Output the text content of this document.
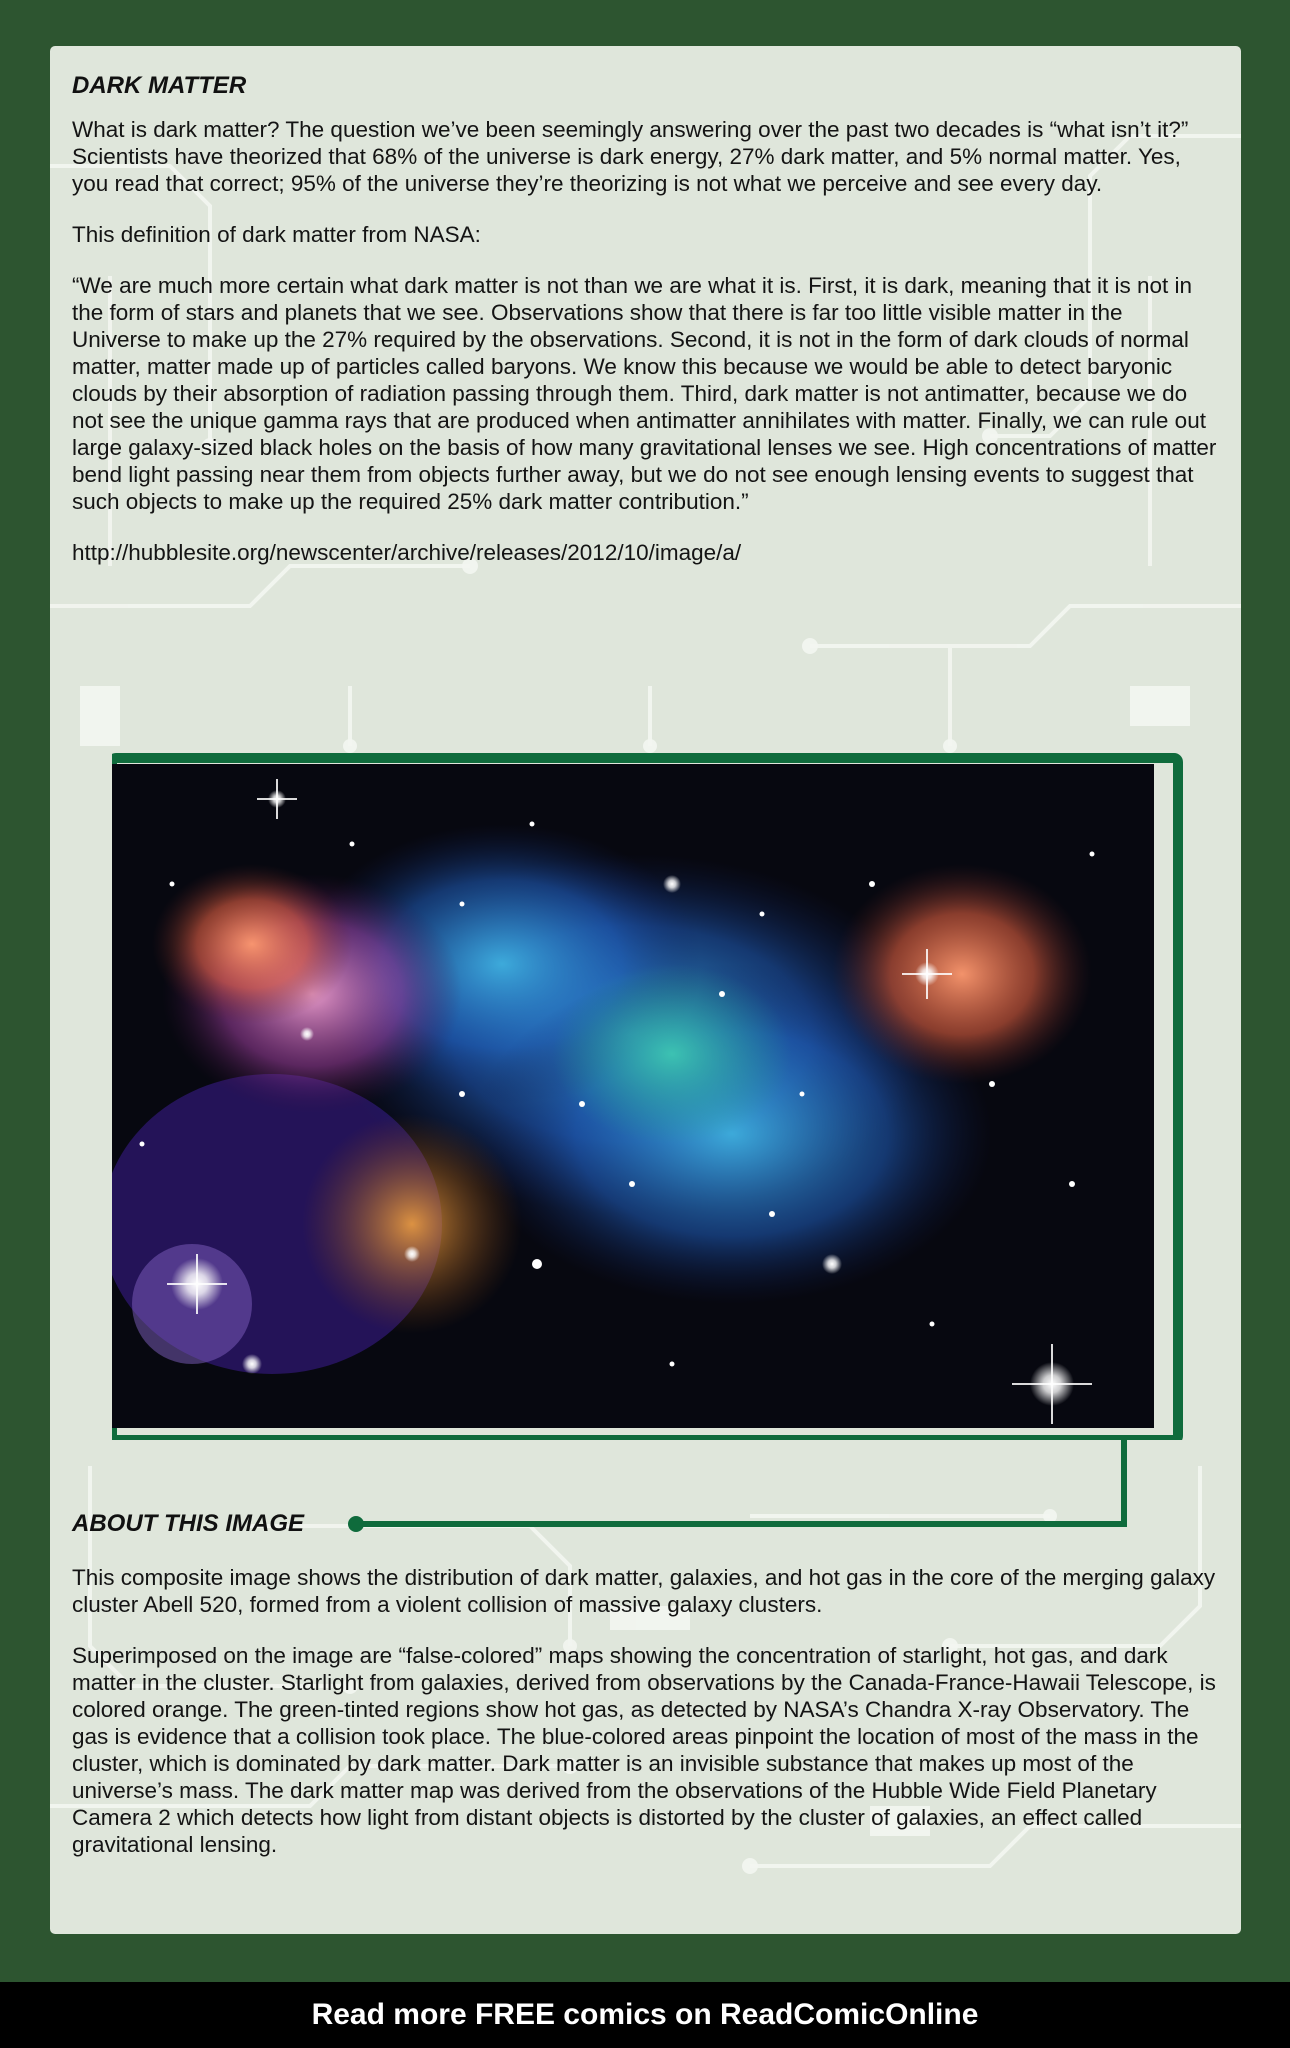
DARK MATTER

What is dark matter? The question we’ve been seemingly answering over the past two decades is “what isn’t it?” Scientists have theorized that 68% of the universe is dark energy, 27% dark matter, and 5% normal matter. Yes, you read that correct; 95% of the universe they’re theorizing is not what we perceive and see every day.

This definition of dark matter from NASA:

“We are much more certain what dark matter is not than we are what it is. First, it is dark, meaning that it is not in the form of stars and planets that we see. Observations show that there is far too little visible matter in the Universe to make up the 27% required by the observations. Second, it is not in the form of dark clouds of normal matter, matter made up of particles called baryons. We know this because we would be able to detect baryonic clouds by their absorption of radiation passing through them. Third, dark matter is not antimatter, because we do not see the unique gamma rays that are produced when antimatter annihilates with matter. Finally, we can rule out large galaxy-sized black holes on the basis of how many gravitational lenses we see. High concentrations of matter bend light passing near them from objects further away, but we do not see enough lensing events to suggest that such objects to make up the required 25% dark matter contribution.”

http://hubblesite.org/newscenter/archive/releases/2012/10/image/a/

ABOUT THIS IMAGE

This composite image shows the distribution of dark matter, galaxies, and hot gas in the core of the merging galaxy cluster Abell 520, formed from a violent collision of massive galaxy clusters.

Superimposed on the image are “false-colored” maps showing the concentration of starlight, hot gas, and dark matter in the cluster. Starlight from galaxies, derived from observations by the Canada-France-Hawaii Telescope, is colored orange. The green-tinted regions show hot gas, as detected by NASA’s Chandra X-ray Observatory. The gas is evidence that a collision took place. The blue-colored areas pinpoint the location of most of the mass in the cluster, which is dominated by dark matter. Dark matter is an invisible substance that makes up most of the universe’s mass. The dark matter map was derived from the observations of the Hubble Wide Field Planetary Camera 2 which detects how light from distant objects is distorted by the cluster of galaxies, an effect called gravitational lensing.

Read more FREE comics on ReadComicOnline
